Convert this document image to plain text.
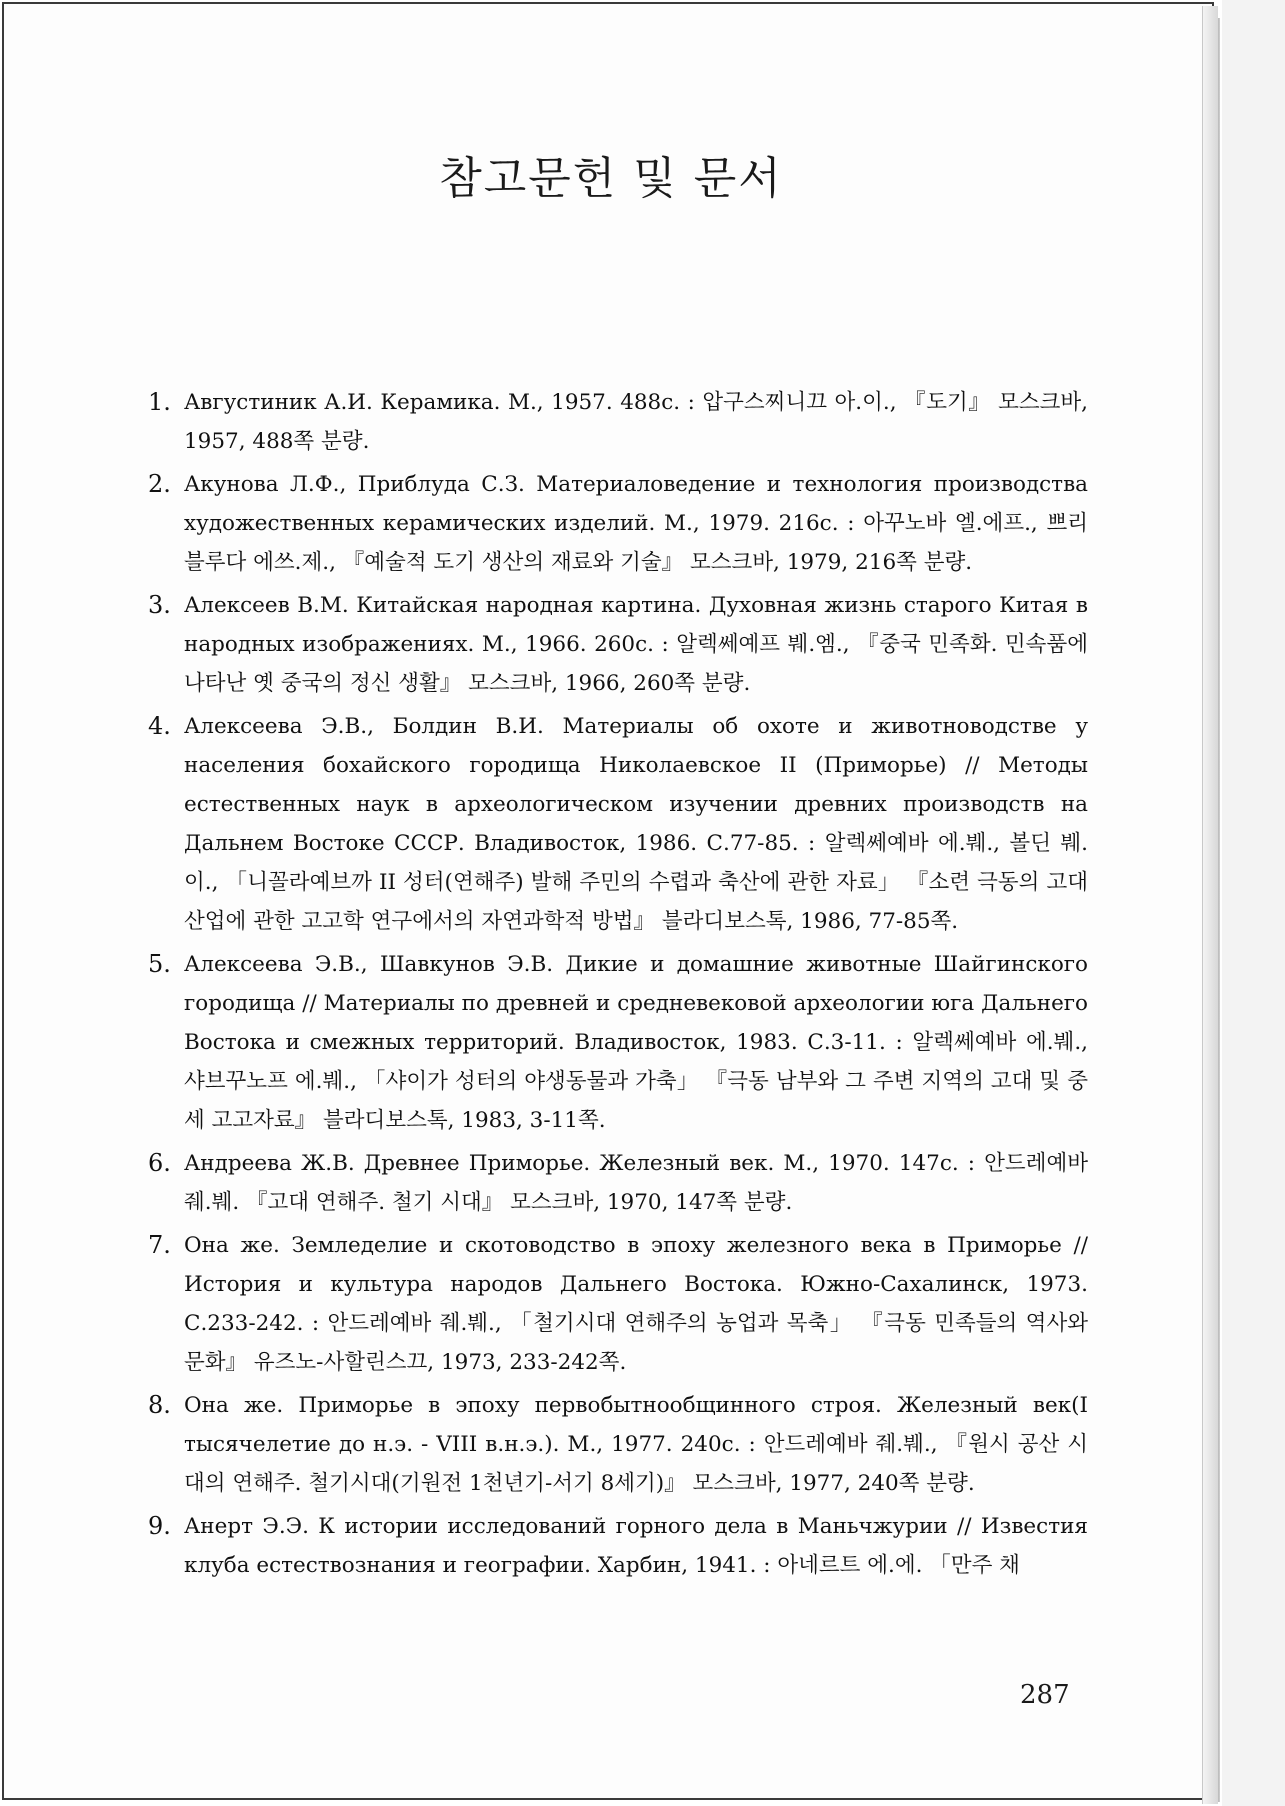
참고문헌 및 문서
1. Августиник А.И. Керамика. М., 1957. 488с. : 압구스찌니끄 아.이., 『도기』 모스크바, 1957, 488쪽 분량.
2. Акунова Л.Ф., Приблуда С.З. Материаловедение и технология производства художественных керамических изделий. М., 1979. 216с. : 아꾸노바 엘.에프., 쁘리블루다 에쓰.제., 『예술적 도기 생산의 재료와 기술』 모스크바, 1979, 216쪽 분량.
3. Алексеев В.М. Китайская народная картина. Духовная жизнь старого Китая в народных изображениях. М., 1966. 260с. : 알렉쎄예프 붸.엠., 『중국 민족화. 민속품에 나타난 옛 중국의 정신 생활』 모스크바, 1966, 260쪽 분량.
4. Алексеева Э.В., Болдин В.И. Материалы об охоте и животноводстве у населения бохайского городища Николаевское II (Приморье) // Методы естественных наук в археологическом изучении древних производств на Дальнем Востоке СССР. Владивосток, 1986. С.77-85. : 알렉쎄예바 에.붸., 볼딘 붸.이., 「니꼴라예브까 II 성터(연해주) 발해 주민의 수렵과 축산에 관한 자료」 『소련 극동의 고대 산업에 관한 고고학 연구에서의 자연과학적 방법』 블라디보스톡, 1986, 77-85쪽.
5. Алексеева Э.В., Шавкунов Э.В. Дикие и домашние животные Шайгинского городища // Материалы по древней и средневековой археологии юга Дальнего Востока и смежных территорий. Владивосток, 1983. С.3-11. : 알렉쎄예바 에.붸., 샤브꾸노프 에.붸., 「샤이가 성터의 야생동물과 가축」 『극동 남부와 그 주변 지역의 고대 및 중세 고고자료』 블라디보스톡, 1983, 3-11쪽.
6. Андреева Ж.В. Древнее Приморье. Железный век. М., 1970. 147с. : 안드레예바 줴.붸. 『고대 연해주. 철기 시대』 모스크바, 1970, 147쪽 분량.
7. Она же. Земледелие и скотоводство в эпоху железного века в Приморье // История и культура народов Дальнего Востока. Южно-Сахалинск, 1973. С.233-242. : 안드레예바 줴.붸., 「철기시대 연해주의 농업과 목축」 『극동 민족들의 역사와 문화』 유즈노-사할린스끄, 1973, 233-242쪽.
8. Она же. Приморье в эпоху первобытнообщинного строя. Железный век(I тысячелетие до н.э. - VIII в.н.э.). М., 1977. 240с. : 안드레예바 줴.붸., 『원시 공산 시대의 연해주. 철기시대(기원전 1천년기-서기 8세기)』 모스크바, 1977, 240쪽 분량.
9. Анерт Э.Э. К истории исследований горного дела в Маньчжурии // Известия клуба естествознания и географии. Харбин, 1941. : 아네르트 에.에. 「만주 채
287
